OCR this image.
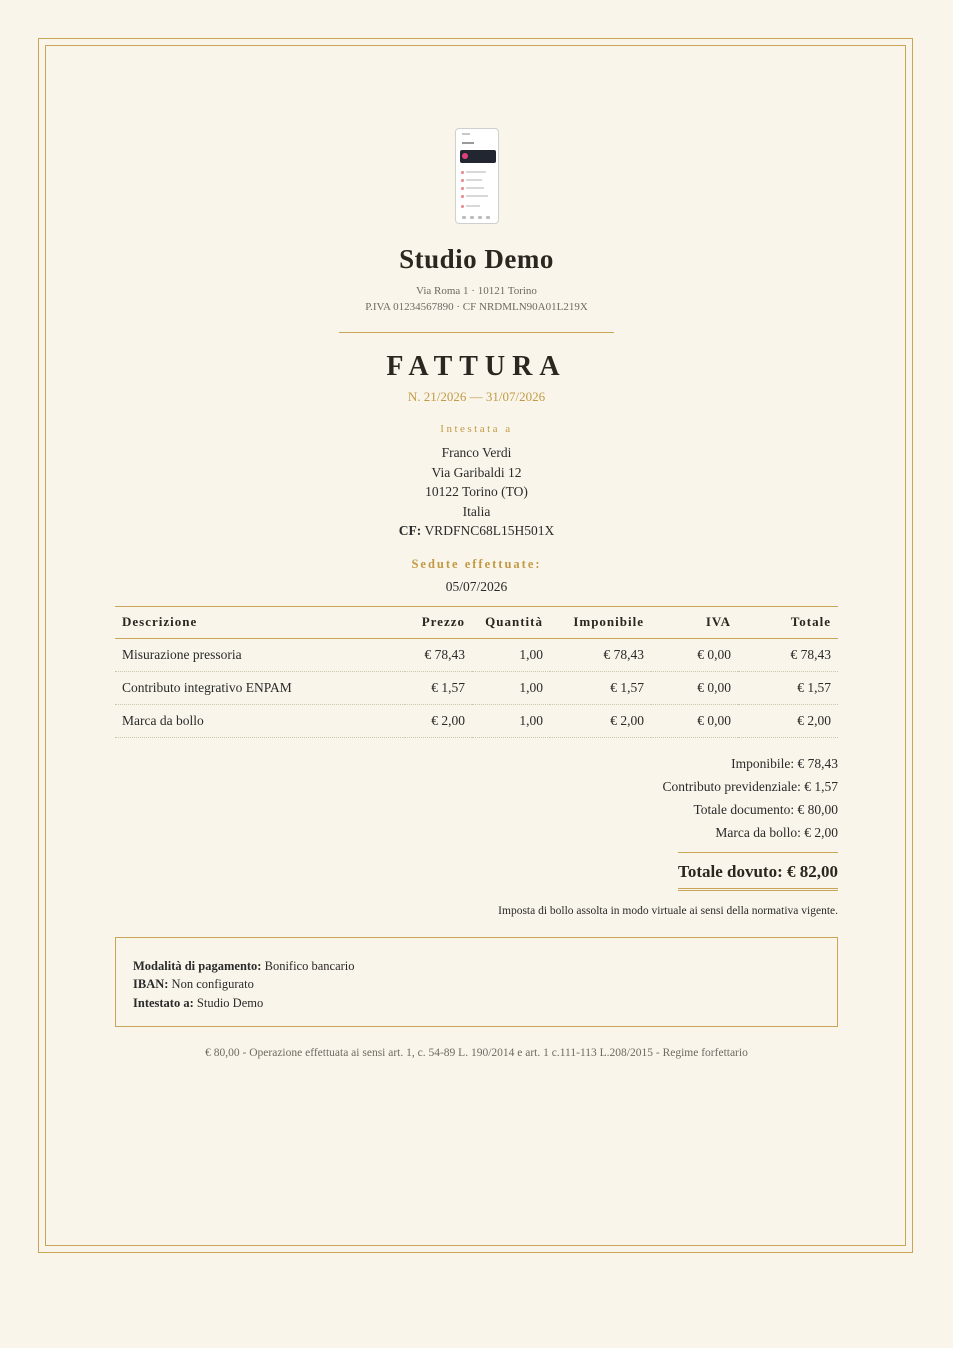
Studio Demo
Via Roma 1 · 10121 Torino
P.IVA 01234567890 · CF NRDMLN90A01L219X
FATTURA
N. 21/2026 — 31/07/2026
Intestata a
Franco Verdi
Via Garibaldi 12
10122 Torino (TO)
Italia
CF: VRDFNC68L15H501X
Sedute effettuate:
05/07/2026
Descrizione	Prezzo	Quantità	Imponibile	IVA	Totale
Misurazione pressoria	€ 78,43	1,00	€ 78,43	€ 0,00	€ 78,43
Contributo integrativo ENPAM	€ 1,57	1,00	€ 1,57	€ 0,00	€ 1,57
Marca da bollo	€ 2,00	1,00	€ 2,00	€ 0,00	€ 2,00
Imponibile: € 78,43
Contributo previdenziale: € 1,57
Totale documento: € 80,00
Marca da bollo: € 2,00
Totale dovuto: € 82,00
Imposta di bollo assolta in modo virtuale ai sensi della normativa vigente.
Modalità di pagamento: Bonifico bancario
IBAN: Non configurato
Intestato a: Studio Demo
€ 80,00 - Operazione effettuata ai sensi art. 1, c. 54-89 L. 190/2014 e art. 1 c.111-113 L.208/2015 - Regime forfettario
